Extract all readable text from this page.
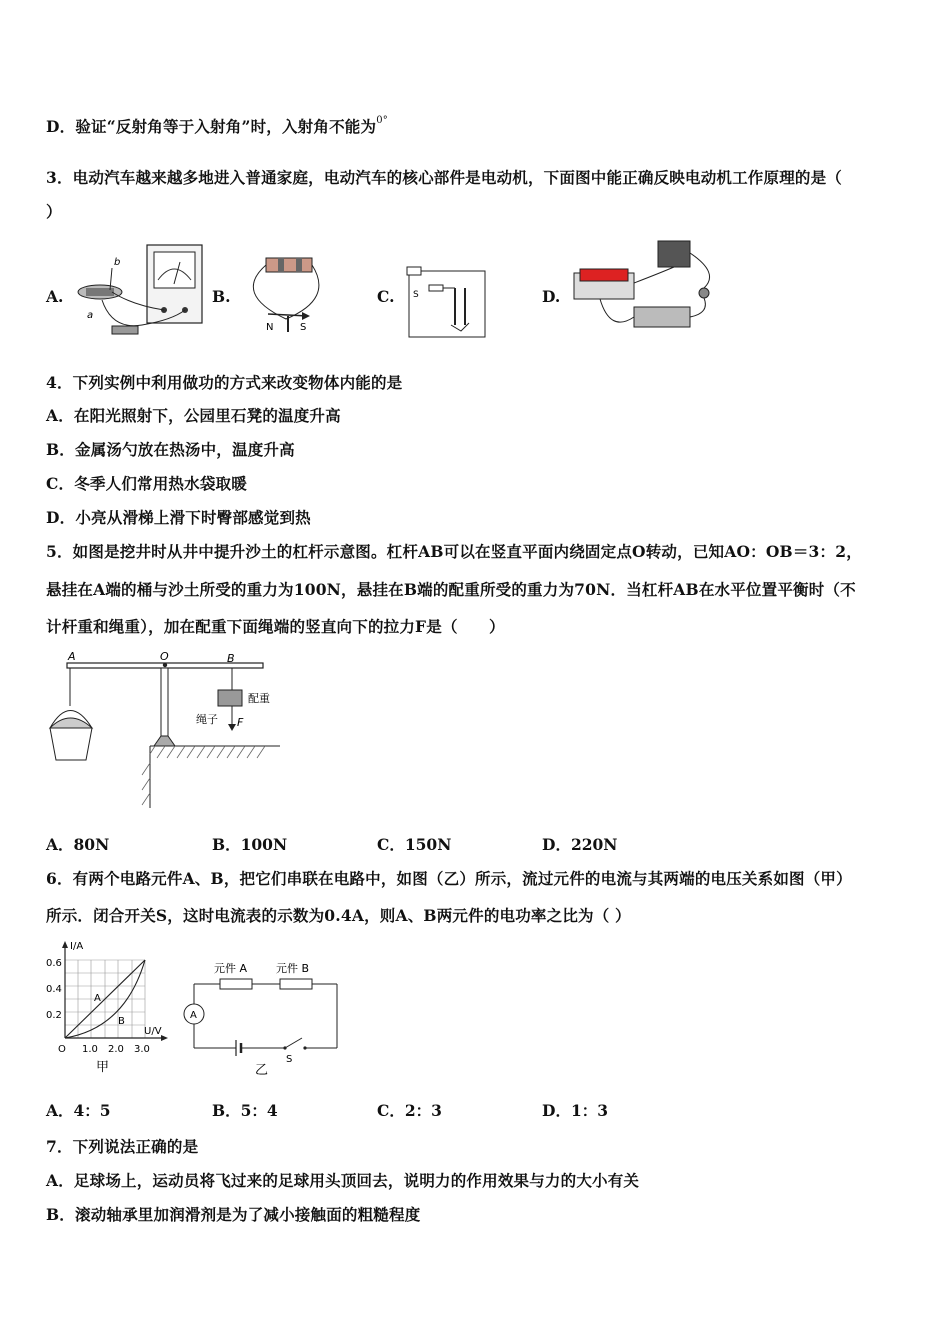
D．验证“反射角等于入射角”时，入射角不能为$^{0^\circ}$
3．电动汽车越来越多地进入普通家庭，电动汽车的核心部件是电动机，下面图中能正确反映电动机工作原理的是（
）
A.	B.	C.	D.
b
a
N	S
S
4．下列实例中利用做功的方式来改变物体内能的是
A．在阳光照射下，公园里石凳的温度升高
B．金属汤勺放在热汤中，温度升高
C．冬季人们常用热水袋取暖
D．小亮从滑梯上滑下时臀部感觉到热
5．如图是挖井时从井中提升沙土的杠杆示意图。杠杆AB可以在竖直平面内绕固定点O转动，已知AO：OB＝3：2，
悬挂在A端的桶与沙土所受的重力为100N，悬挂在B端的配重所受的重力为70N．当杠杆AB在水平位置平衡时（不
计杆重和绳重），加在配重下面绳端的竖直向下的拉力F是（　　）
A	O	B
配重
绳子 F
A．80N	B．100N	C．150N	D．220N
6．有两个电路元件A、B，把它们串联在电路中，如图（乙）所示，流过元件的电流与其两端的电压关系如图（甲）
所示．闭合开关S，这时电流表的示数为0.4A，则A、B两元件的电功率之比为（ ）
I/A
U/V
0.6
0.4
0.2
O 1.0 2.0 3.0
A
B
甲
元件 A	元件 B
A
S
乙
A．4：5	B．5：4	C．2：3	D．1：3
7．下列说法正确的是
A．足球场上，运动员将飞过来的足球用头顶回去，说明力的作用效果与力的大小有关
B．滚动轴承里加润滑剂是为了减小接触面的粗糙程度
